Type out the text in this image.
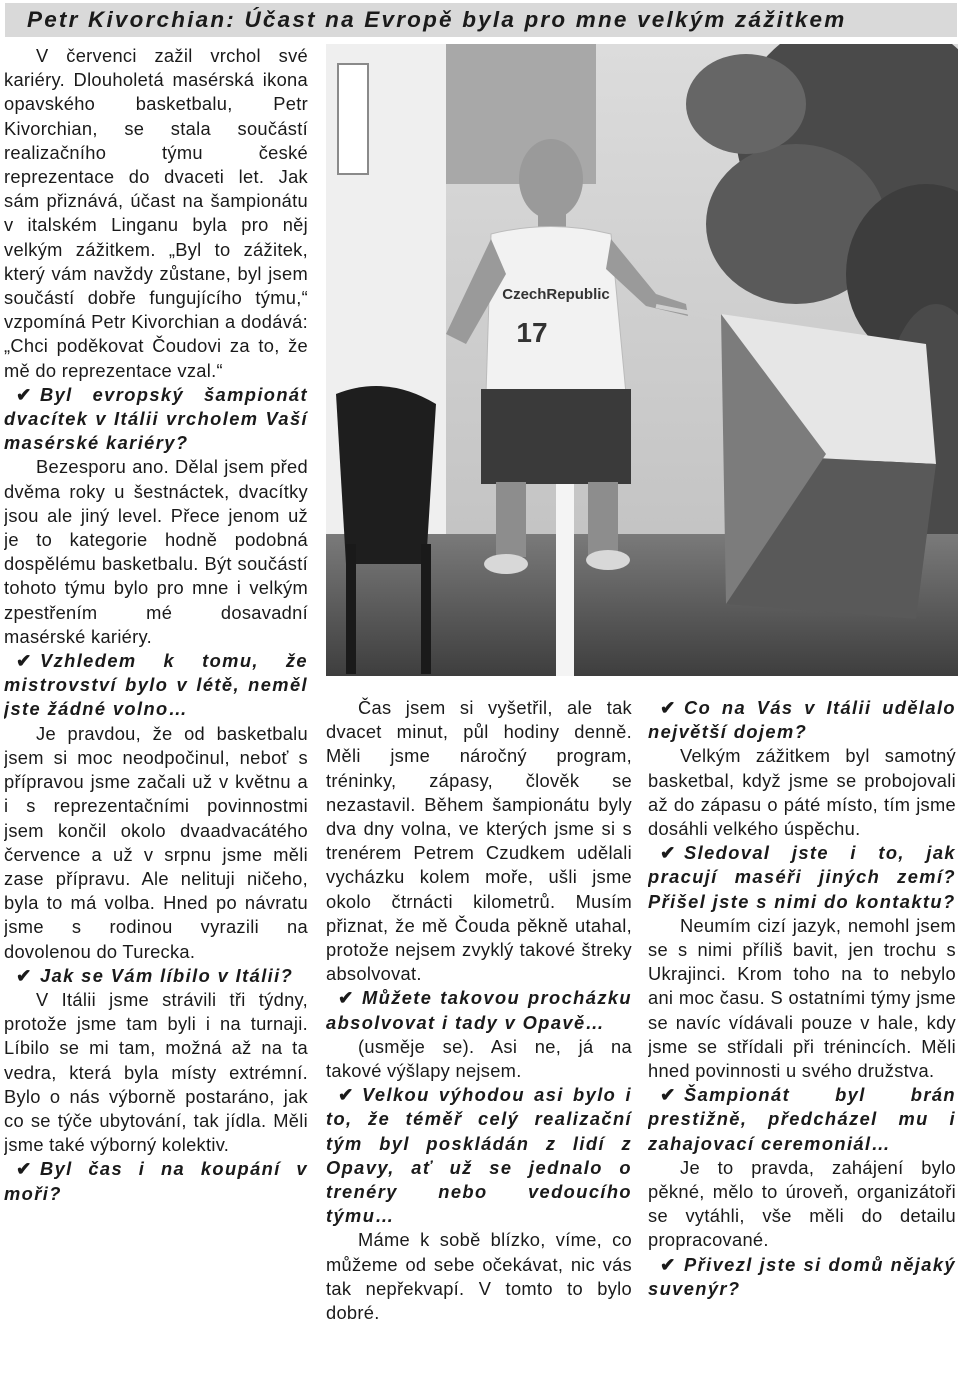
Petr Kivorchian: Účast na Evropě byla pro mne velkým zážitkem

V červenci zažil vrchol své kariéry. Dlouholetá masérská ikona opavského basketbalu, Petr Kivorchian, se stala součástí realizačního týmu české reprezentace do dvaceti let. Jak sám přiznává, účast na šampionátu v italském Linganu byla pro něj velkým zážitkem. „Byl to zážitek, který vám navždy zůstane, byl jsem součástí dobře fungujícího týmu,“ vzpomíná Petr Kivorchian a dodává: „Chci poděkovat Čoudovi za to, že mě do reprezentace vzal.“

✔ Byl evropský šampionát dvacítek v Itálii vrcholem Vaší masérské kariéry?

Bezesporu ano. Dělal jsem před dvěma roky u šestnáctek, dvacítky jsou ale jiný level. Přece jenom už je to kategorie hodně podobná dospělému basketbalu. Být součástí tohoto týmu bylo pro mne i velkým zpestřením mé dosavadní masérské kariéry.

✔ Vzhledem k tomu, že mistrovství bylo v létě, neměl jste žádné volno…

Je pravdou, že od basketbalu jsem si moc neodpočinul, neboť s přípravou jsme začali už v květnu a i s reprezentačními povinnostmi jsem končil okolo dvaadvacátého července a už v srpnu jsme měli zase přípravu. Ale nelituji ničeho, byla to má volba. Hned po návratu jsme s rodinou vyrazili na dovolenou do Turecka.

✔ Jak se Vám líbilo v Itálii?

V Itálii jsme strávili tři týdny, protože jsme tam byli i na turnaji. Líbilo se mi tam, možná až na ta vedra, která byla místy extrémní. Bylo o nás výborně postaráno, jak co se týče ubytování, tak jídla. Měli jsme také výborný kolektiv.

✔ Byl čas i na koupání v moři?

CzechRepublic
17

Čas jsem si vyšetřil, ale tak dvacet minut, půl hodiny denně. Měli jsme náročný program, tréninky, zápasy, člověk se nezastavil. Během šampionátu byly dva dny volna, ve kterých jsme si s trenérem Petrem Czudkem udělali vycházku kolem moře, ušli jsme okolo čtrnácti kilometrů. Musím přiznat, že mě Čouda pěkně utahal, protože nejsem zvyklý takové štreky absolvovat.

✔ Můžete takovou procházku absolvovat i tady v Opavě…

(usměje se). Asi ne, já na takové výšlapy nejsem.

✔ Velkou výhodou asi bylo i to, že téměř celý realizační tým byl poskládán z lidí z Opavy, ať už se jednalo o trenéry nebo vedoucího týmu…

Máme k sobě blízko, víme, co můžeme od sebe očekávat, nic vás tak nepřekvapí. V tomto to bylo dobré.

✔ Co na Vás v Itálii udělalo největší dojem?

Velkým zážitkem byl samotný basketbal, když jsme se probojovali až do zápasu o páté místo, tím jsme dosáhli velkého úspěchu.

✔ Sledoval jste i to, jak pracují maséři jiných zemí? Přišel jste s nimi do kontaktu?

Neumím cizí jazyk, nemohl jsem se s nimi příliš bavit, jen trochu s Ukrajinci. Krom toho na to nebylo ani moc času. S ostatními týmy jsme se navíc vídávali pouze v hale, kdy jsme se střídali při trénincích. Měli hned povinnosti u svého družstva.

✔ Šampionát byl brán prestižně, předcházel mu i zahajovací ceremoniál…

Je to pravda, zahájení bylo pěkné, mělo to úroveň, organizátoři se vytáhli, vše měli do detailu propracované.

✔ Přivezl jste si domů nějaký suvenýr?
